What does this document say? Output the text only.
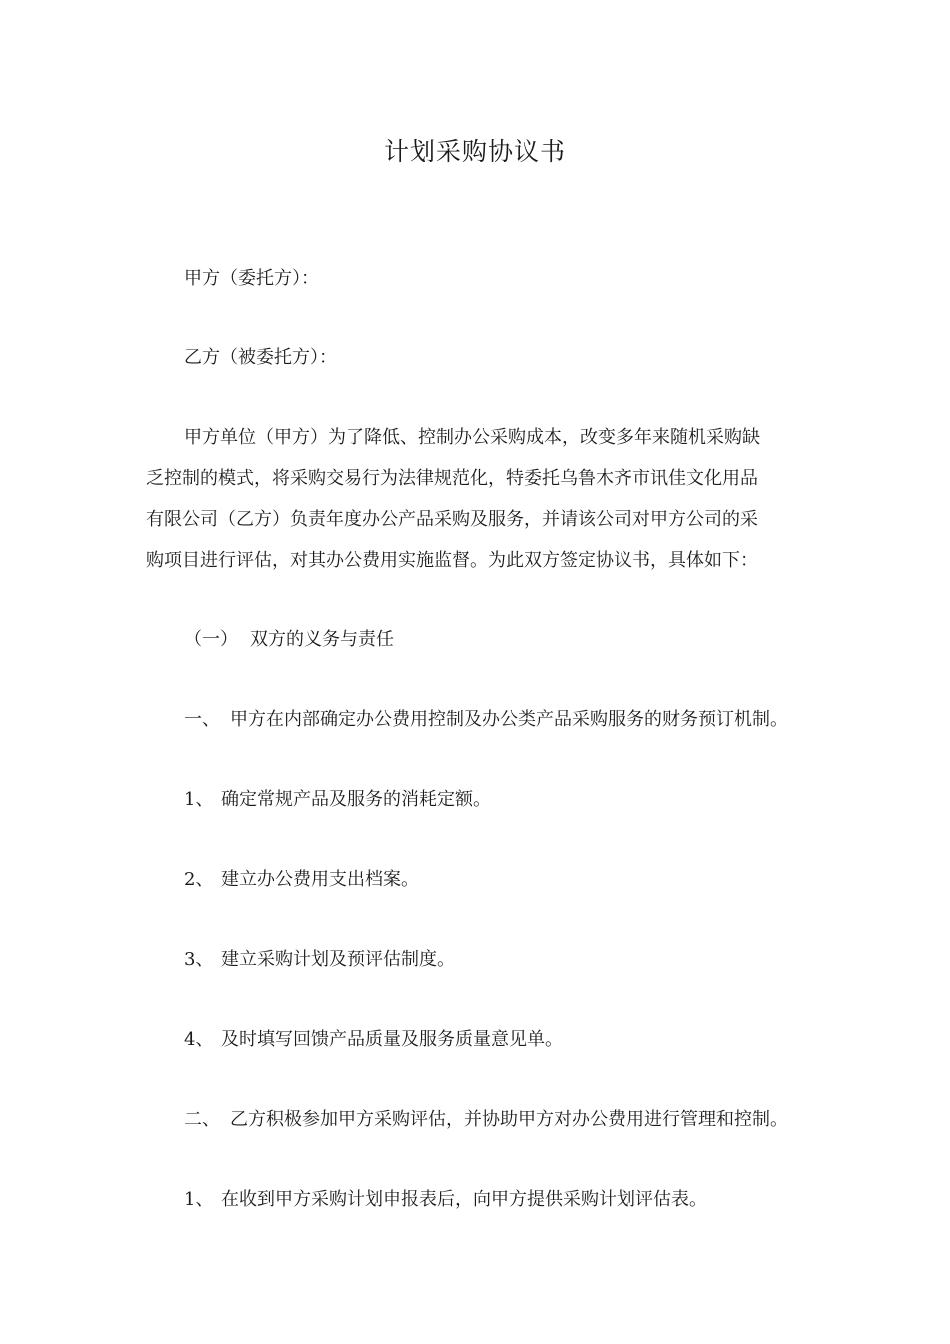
计划采购协议书
甲方（委托方）：
乙方（被委托方）：
甲方单位（甲方）为了降低、控制办公采购成本，改变多年来随机采购缺
乏控制的模式，将采购交易行为法律规范化，特委托乌鲁木齐市讯佳文化用品
有限公司（乙方）负责年度办公产品采购及服务，并请该公司对甲方公司的采
购项目进行评估，对其办公费用实施监督。为此双方签定协议书，具体如下：
（一） 双方的义务与责任
一、 甲方在内部确定办公费用控制及办公类产品采购服务的财务预订机制。
1、 确定常规产品及服务的消耗定额。
2、 建立办公费用支出档案。
3、 建立采购计划及预评估制度。
4、 及时填写回馈产品质量及服务质量意见单。
二、 乙方积极参加甲方采购评估，并协助甲方对办公费用进行管理和控制。
1、 在收到甲方采购计划申报表后，向甲方提供采购计划评估表。
